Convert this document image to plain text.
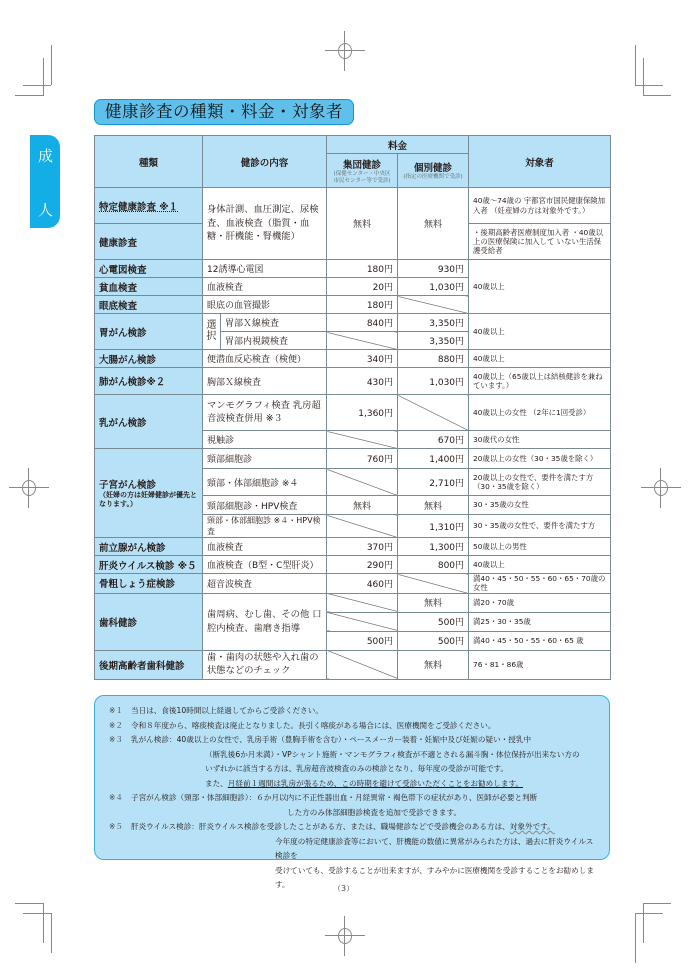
健康診査の種類・料金・対象者
成
人
種類	健診の内容		料金		対象者
			集団健診
(保健センター・中央区市民センター等で受診)	個別健診
(指定の医療機関で受診)	

特定健康診査 ※１	身体計測、血圧測定、尿検査、血液検査（脂質・血糖・肝機能・腎機能）		無料	無料	40歳〜74歳の 宇都宮市国民健康保険加入者 （妊産婦の方は対象外です。）
健康診査					・後期高齢者医療制度加入者 ・40歳以上の医療保険に加入して いない生活保護受給者
心電図検査	12誘導心電図		180円	930円	40歳以上
貧血検査	血液検査		20円	1,030円	
眼底検査	眼底の血管撮影		180円		
胃がん検診	選択	胃部Ｘ線検査	840円	3,350円	40歳以上
		胃部内視鏡検査		3,350円	
大腸がん検診	便潜血反応検査（検便）		340円	880円	40歳以上
肺がん検診※２	胸部Ｘ線検査		430円	1,030円	40歳以上（65歳以上は結核健診を兼ねています。）
乳がん検診	マンモグラフィ検査 乳房超音波検査併用 ※３		1,360円		40歳以上の女性 （2年に1回受診）
	視触診			670円	30歳代の女性
子宮がん検診
（妊婦の方は妊婦健診が優先となります。）	頸部細胞診		760円	1,400円	20歳以上の女性（30・35歳を除く）
	頸部・体部細胞診 ※４			2,710円	20歳以上の女性で、要件を満たす方 （30・35歳を除く）
	頸部細胞診・HPV検査		無料	無料	30・35歳の女性
	頸部・体部細胞診 ※４・HPV検査			1,310円	30・35歳の女性で、要件を満たす方
前立腺がん検診	血液検査		370円	1,300円	50歳以上の男性
肝炎ウイルス検診 ※５	血液検査（B型・C型肝炎）		290円	800円	40歳以上
骨粗しょう症検診	超音波検査		460円		満40・45・50・55・60・65・70歳の女性
歯科健診	歯周病、むし歯、その他 口腔内検査、歯磨き指導			無料	満20・70歳
				500円	満25・30・35歳
			500円	500円	満40・45・50・55・60・65 歳
後期高齢者歯科健診	歯・歯肉の状態や入れ歯の 状態などのチェック			無料	76・81・86歳
※１	当日は、食後10時間以上経過してからご受診ください。
※２	令和８年度から、喀痰検査は廃止となりました。長引く喀痰がある場合には、医療機関をご受診ください。
※３	乳がん検診： 40歳以上の女性で、乳房手術（豊胸手術を含む）・ペースメーカー装着・妊娠中及び妊娠の疑い・授乳中
（断乳後6か月未満）・VPシャント施術・マンモグラフィ検査が不適とされる漏斗胸・体位保持が出来ない方の
いずれかに該当する方は、乳房超音波検査のみの検診となり、毎年度の受診が可能です。
また、月経前１週間は乳房が張るため、この時期を避けて受診いただくことをお勧めします。
※４	子宮がん検診（頸部・体部細胞診）： ６か月以内に不正性器出血・月経異常・褐色帯下の症状があり、医師が必要と判断
した方のみ体部細胞診検査を追加で受診できます。
※５	肝炎ウイルス検診： 肝炎ウイルス検診を受診したことがある方、または、職場健診などで受診機会のある方は、 対象外です。
今年度の特定健康診査等において、肝機能の数値に異常がみられた方は、過去に肝炎ウイルス検診を
受けていても、受診することが出来ますが、すみやかに医療機関を受診することをお勧めします。	（3）
